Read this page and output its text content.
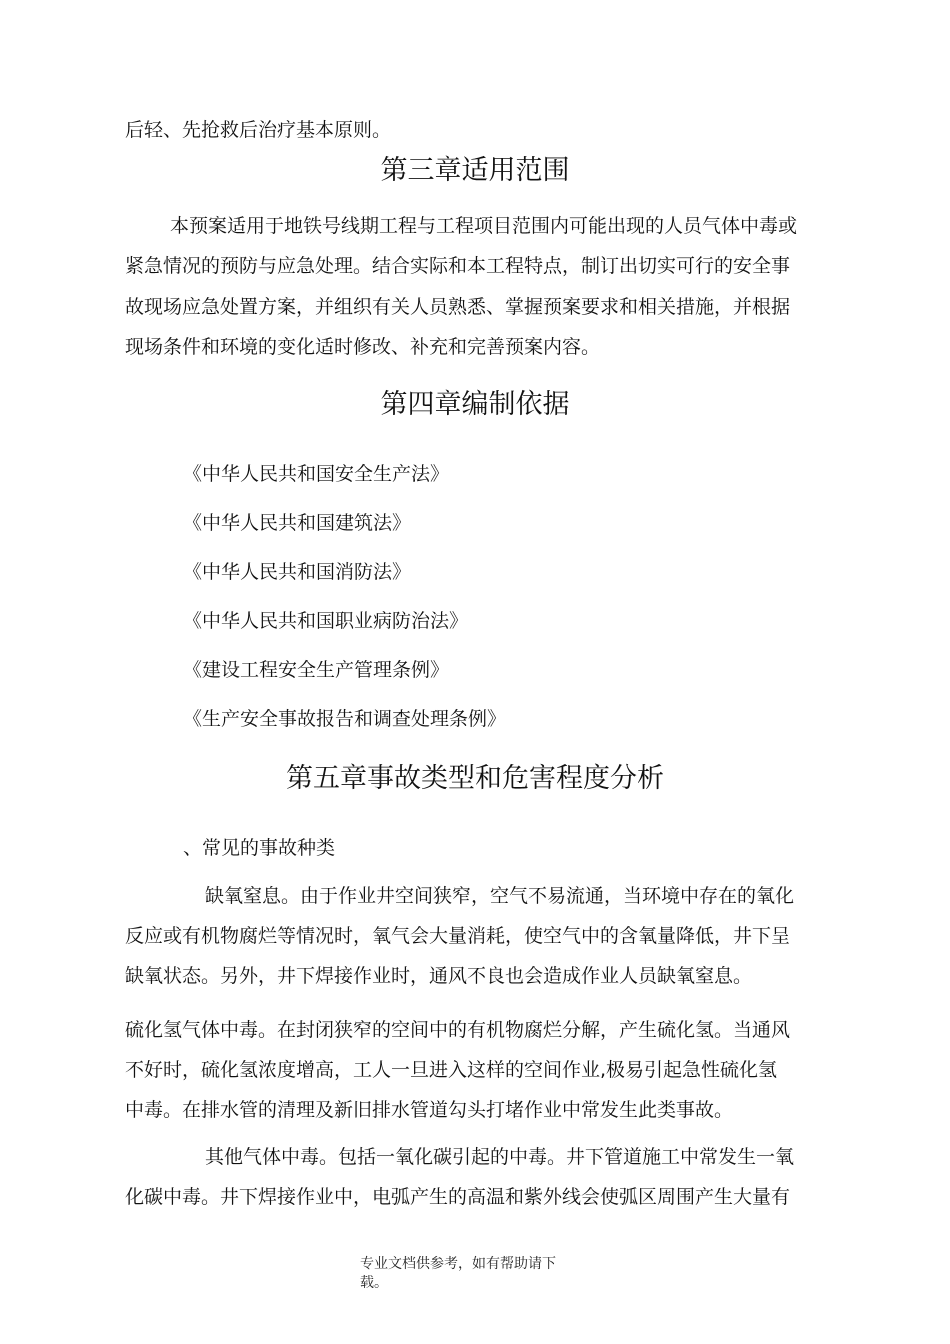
后轻、先抢救后治疗基本原则。

第三章适用范围

本预案适用于地铁号线期工程与工程项目范围内可能出现的人员气体中毒或

紧急情况的预防与应急处理。结合实际和本工程特点，制订出切实可行的安全事

故现场应急处置方案，并组织有关人员熟悉、掌握预案要求和相关措施，并根据

现场条件和环境的变化适时修改、补充和完善预案内容。

第四章编制依据

《中华人民共和国安全生产法》

《中华人民共和国建筑法》

《中华人民共和国消防法》

《中华人民共和国职业病防治法》

《建设工程安全生产管理条例》

《生产安全事故报告和调查处理条例》

第五章事故类型和危害程度分析

、常见的事故种类

缺氧窒息。由于作业井空间狭窄，空气不易流通，当环境中存在的氧化

反应或有机物腐烂等情况时，氧气会大量消耗，使空气中的含氧量降低，井下呈

缺氧状态。另外，井下焊接作业时，通风不良也会造成作业人员缺氧窒息。

硫化氢气体中毒。在封闭狭窄的空间中的有机物腐烂分解，产生硫化氢。当通风

不好时，硫化氢浓度增高，工人一旦进入这样的空间作业,极易引起急性硫化氢

中毒。在排水管的清理及新旧排水管道勾头打堵作业中常发生此类事故。

其他气体中毒。包括一氧化碳引起的中毒。井下管道施工中常发生一氧

化碳中毒。井下焊接作业中，电弧产生的高温和紫外线会使弧区周围产生大量有

专业文档供参考，如有帮助请下
载。
